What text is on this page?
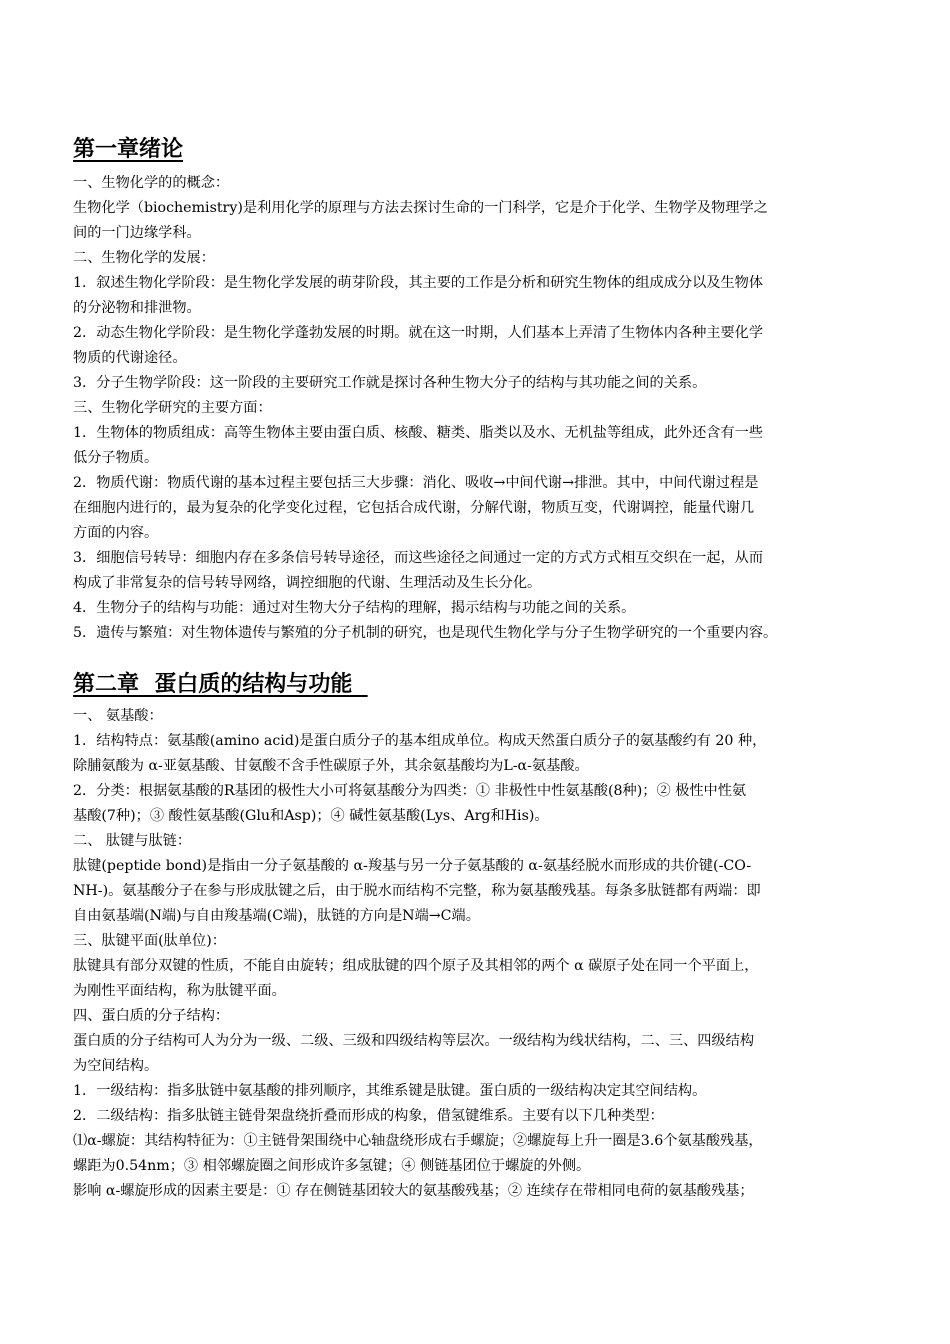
第一章绪论
一、生物化学的的概念：
生物化学（biochemistry)是利用化学的原理与方法去探讨生命的一门科学，它是介于化学、生物学及物理学之
间的一门边缘学科。
二、生物化学的发展：
1．叙述生物化学阶段：是生物化学发展的萌芽阶段，其主要的工作是分析和研究生物体的组成成分以及生物体
的分泌物和排泄物。
2．动态生物化学阶段：是生物化学蓬勃发展的时期。就在这一时期，人们基本上弄清了生物体内各种主要化学
物质的代谢途径。
3．分子生物学阶段：这一阶段的主要研究工作就是探讨各种生物大分子的结构与其功能之间的关系。
三、生物化学研究的主要方面：
1．生物体的物质组成：高等生物体主要由蛋白质、核酸、糖类、脂类以及水、无机盐等组成，此外还含有一些
低分子物质。
2．物质代谢：物质代谢的基本过程主要包括三大步骤：消化、吸收→中间代谢→排泄。其中，中间代谢过程是
在细胞内进行的，最为复杂的化学变化过程，它包括合成代谢，分解代谢，物质互变，代谢调控，能量代谢几
方面的内容。
3．细胞信号转导：细胞内存在多条信号转导途径，而这些途径之间通过一定的方式方式相互交织在一起，从而
构成了非常复杂的信号转导网络，调控细胞的代谢、生理活动及生长分化。
4．生物分子的结构与功能：通过对生物大分子结构的理解，揭示结构与功能之间的关系。
5．遗传与繁殖：对生物体遗传与繁殖的分子机制的研究，也是现代生物化学与分子生物学研究的一个重要内容。
第二章  蛋白质的结构与功能
一、 氨基酸：
1．结构特点：氨基酸(amino acid)是蛋白质分子的基本组成单位。构成天然蛋白质分子的氨基酸约有 20 种，
除脯氨酸为 α-亚氨基酸、甘氨酸不含手性碳原子外，其余氨基酸均为L-α-氨基酸。
2．分类：根据氨基酸的R基团的极性大小可将氨基酸分为四类：① 非极性中性氨基酸(8种)；② 极性中性氨
基酸(7种)；③ 酸性氨基酸(Glu和Asp)；④ 碱性氨基酸(Lys、Arg和His)。
二、 肽键与肽链：
肽键(peptide bond)是指由一分子氨基酸的 α-羧基与另一分子氨基酸的 α-氨基经脱水而形成的共价键(-CO-
NH-)。氨基酸分子在参与形成肽键之后，由于脱水而结构不完整，称为氨基酸残基。每条多肽链都有两端：即
自由氨基端(N端)与自由羧基端(C端)，肽链的方向是N端→C端。
三、肽键平面(肽单位)：
肽键具有部分双键的性质，不能自由旋转；组成肽键的四个原子及其相邻的两个 α 碳原子处在同一个平面上，
为刚性平面结构，称为肽键平面。
四、蛋白质的分子结构：
蛋白质的分子结构可人为分为一级、二级、三级和四级结构等层次。一级结构为线状结构，二、三、四级结构
为空间结构。
1．一级结构：指多肽链中氨基酸的排列顺序，其维系键是肽键。蛋白质的一级结构决定其空间结构。
2．二级结构：指多肽链主链骨架盘绕折叠而形成的构象，借氢键维系。主要有以下几种类型：
⑴α-螺旋：其结构特征为：①主链骨架围绕中心轴盘绕形成右手螺旋；②螺旋每上升一圈是3.6个氨基酸残基，
螺距为0.54nm；③ 相邻螺旋圈之间形成许多氢键；④ 侧链基团位于螺旋的外侧。
影响 α-螺旋形成的因素主要是：① 存在侧链基团较大的氨基酸残基；② 连续存在带相同电荷的氨基酸残基；
